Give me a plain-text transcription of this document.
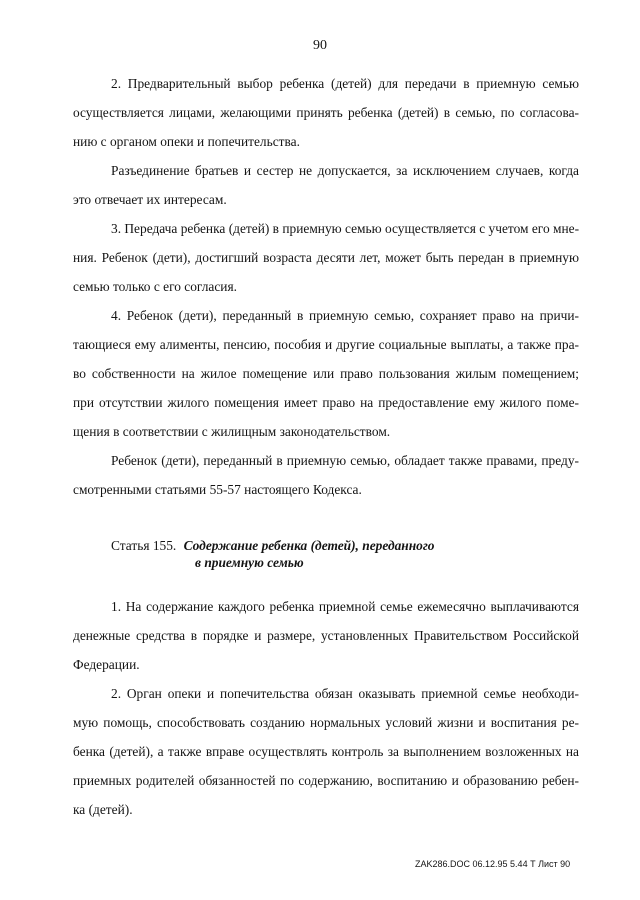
90
2. Предварительный выбор ребенка (детей) для передачи в приемную семью
осуществляется лицами, желающими принять ребенка (детей) в семью, по согласова-
нию с органом опеки и попечительства.
Разъединение братьев и сестер не допускается, за исключением случаев, когда
это отвечает их интересам.
3. Передача ребенка (детей) в приемную семью осуществляется с учетом его мне-
ния. Ребенок (дети), достигший возраста десяти лет, может быть передан в приемную
семью только с его согласия.
4. Ребенок (дети), переданный в приемную семью, сохраняет право на причи-
тающиеся ему алименты, пенсию, пособия и другие социальные выплаты, а также пра-
во собственности на жилое помещение или право пользования жилым помещением;
при отсутствии жилого помещения имеет право на предоставление ему жилого поме-
щения в соответствии с жилищным законодательством.
Ребенок (дети), переданный в приемную семью, обладает также правами, преду-
смотренными статьями 55-57 настоящего Кодекса.
Статья 155. Содержание ребенка (детей), переданного
в приемную семью
1. На содержание каждого ребенка приемной семье ежемесячно выплачиваются
денежные средства в порядке и размере, установленных Правительством Российской
Федерации.
2. Орган опеки и попечительства обязан оказывать приемной семье необходи-
мую помощь, способствовать созданию нормальных условий жизни и воспитания ре-
бенка (детей), а также вправе осуществлять контроль за выполнением возложенных на
приемных родителей обязанностей по содержанию, воспитанию и образованию ребен-
ка (детей).
ZAK286.DOC 06.12.95 5.44 Т Лист 90
